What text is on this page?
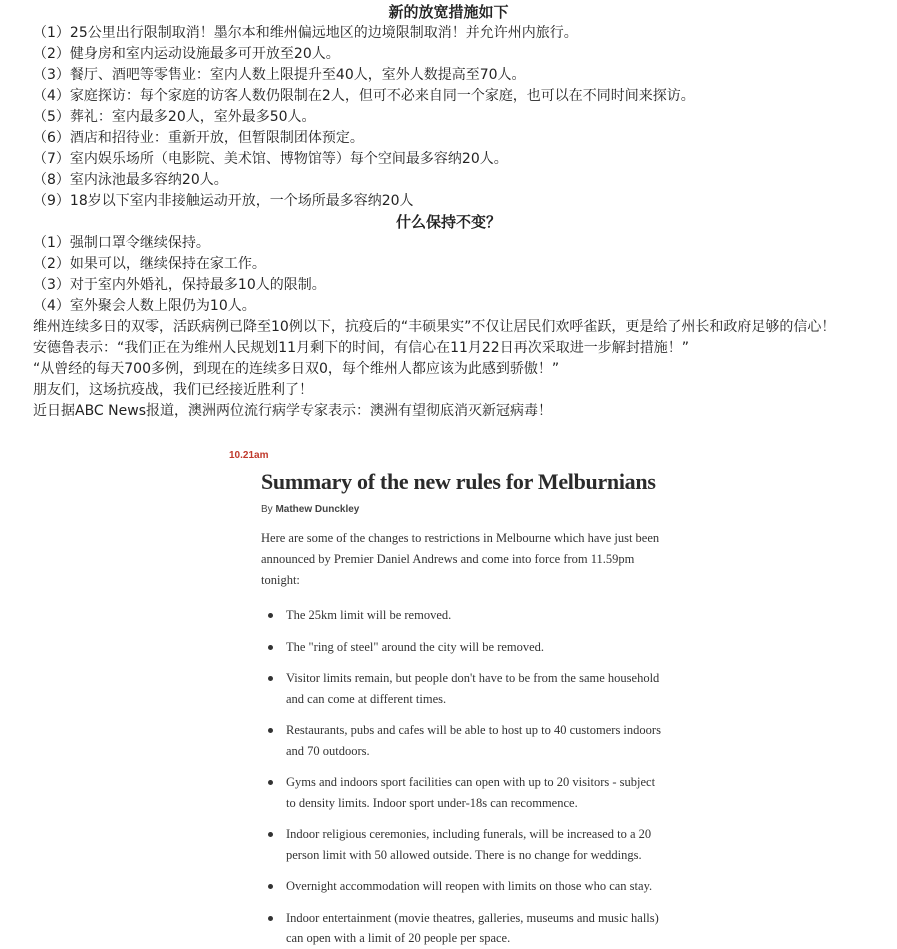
新的放宽措施如下

（1）25公里出行限制取消！墨尔本和维州偏远地区的边境限制取消！并允许州内旅行。

（2）健身房和室内运动设施最多可开放至20人。

（3）餐厅、酒吧等零售业：室内人数上限提升至40人，室外人数提高至70人。

（4）家庭探访：每个家庭的访客人数仍限制在2人，但可不必来自同一个家庭，也可以在不同时间来探访。

（5）葬礼：室内最多20人，室外最多50人。

（6）酒店和招待业：重新开放，但暂限制团体预定。

（7）室内娱乐场所（电影院、美术馆、博物馆等）每个空间最多容纳20人。

（8）室内泳池最多容纳20人。

（9）18岁以下室内非接触运动开放，一个场所最多容纳20人

什么保持不变？

（1）强制口罩令继续保持。

（2）如果可以，继续保持在家工作。

（3）对于室内外婚礼，保持最多10人的限制。

（4）室外聚会人数上限仍为10人。

维州连续多日的双零，活跃病例已降至10例以下，抗疫后的“丰硕果实”不仅让居民们欢呼雀跃，更是给了州长和政府足够的信心！

安德鲁表示：“我们正在为维州人民规划11月剩下的时间，有信心在11月22日再次采取进一步解封措施！”

“从曾经的每天700多例，到现在的连续多日双0，每个维州人都应该为此感到骄傲！”

朋友们，这场抗疫战，我们已经接近胜利了！

近日据ABC News报道，澳洲两位流行病学专家表示：澳洲有望彻底消灭新冠病毒！

10.21am
Summary of the new rules for Melburnians
By Mathew Dunckley
Here are some of the changes to restrictions in Melbourne which have just been announced by Premier Daniel Andrews and come into force from 11.59pm tonight:
The 25km limit will be removed.
The "ring of steel" around the city will be removed.
Visitor limits remain, but people don't have to be from the same household and can come at different times.
Restaurants, pubs and cafes will be able to host up to 40 customers indoors and 70 outdoors.
Gyms and indoors sport facilities can open with up to 20 visitors - subject to density limits. Indoor sport under-18s can recommence.
Indoor religious ceremonies, including funerals, will be increased to a 20 person limit with 50 allowed outside. There is no change for weddings.
Overnight accommodation will reopen with limits on those who can stay.
Indoor entertainment (movie theatres, galleries, museums and music halls) can open with a limit of 20 people per space.
